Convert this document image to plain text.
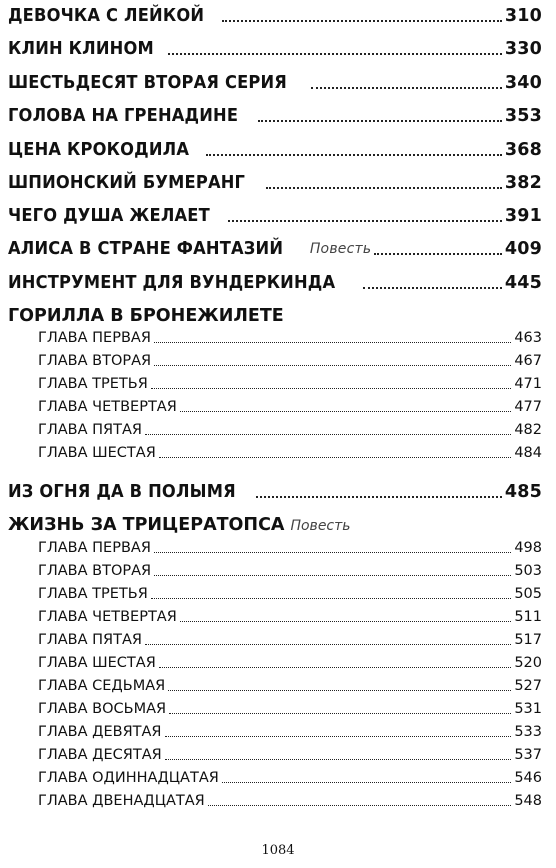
ДЕВОЧКА С ЛЕЙКОЙ	310
КЛИН КЛИНОМ	330
ШЕСТЬДЕСЯТ ВТОРАЯ СЕРИЯ	340
ГОЛОВА НА ГРЕНАДИНЕ	353
ЦЕНА КРОКОДИЛА	368
ШПИОНСКИЙ БУМЕРАНГ	382
ЧЕГО ДУША ЖЕЛАЕТ	391
АЛИСА В СТРАНЕ ФАНТАЗИЙ Повесть	409
ИНСТРУМЕНТ ДЛЯ ВУНДЕРКИНДА	445
ГОРИЛЛА В БРОНЕЖИЛЕТЕ
ГЛАВА ПЕРВАЯ	463
ГЛАВА ВТОРАЯ	467
ГЛАВА ТРЕТЬЯ	471
ГЛАВА ЧЕТВЕРТАЯ	477
ГЛАВА ПЯТАЯ	482
ГЛАВА ШЕСТАЯ	484
ИЗ ОГНЯ ДА В ПОЛЫМЯ	485
ЖИЗНЬ ЗА ТРИЦЕРАТОПСА Повесть
ГЛАВА ПЕРВАЯ	498
ГЛАВА ВТОРАЯ	503
ГЛАВА ТРЕТЬЯ	505
ГЛАВА ЧЕТВЕРТАЯ	511
ГЛАВА ПЯТАЯ	517
ГЛАВА ШЕСТАЯ	520
ГЛАВА СЕДЬМАЯ	527
ГЛАВА ВОСЬМАЯ	531
ГЛАВА ДЕВЯТАЯ	533
ГЛАВА ДЕСЯТАЯ	537
ГЛАВА ОДИННАДЦАТАЯ	546
ГЛАВА ДВЕНАДЦАТАЯ	548
1084
